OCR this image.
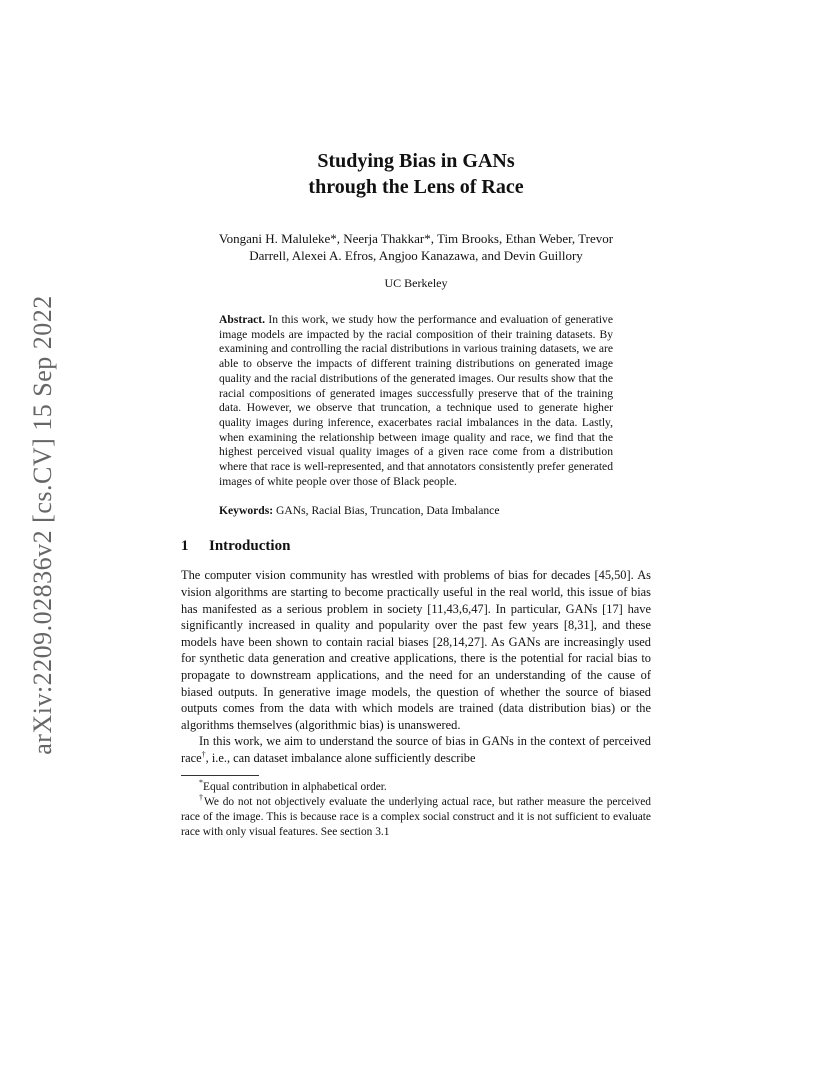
arXiv:2209.02836v2 [cs.CV] 15 Sep 2022
Studying Bias in GANs
through the Lens of Race
Vongani H. Maluleke*, Neerja Thakkar*, Tim Brooks, Ethan Weber, Trevor
Darrell, Alexei A. Efros, Angjoo Kanazawa, and Devin Guillory
UC Berkeley
Abstract. In this work, we study how the performance and evaluation of generative image models are impacted by the racial composition of their training datasets. By examining and controlling the racial distributions in various training datasets, we are able to observe the impacts of different training distributions on generated image quality and the racial distributions of the generated images. Our results show that the racial compositions of generated images successfully preserve that of the training data. However, we observe that truncation, a technique used to generate higher quality images during inference, exacerbates racial imbalances in the data. Lastly, when examining the relationship between image quality and race, we find that the highest perceived visual quality images of a given race come from a distribution where that race is well-represented, and that annotators consistently prefer generated images of white people over those of Black people.
Keywords: GANs, Racial Bias, Truncation, Data Imbalance
1 Introduction

The computer vision community has wrestled with problems of bias for decades [45,50]. As vision algorithms are starting to become practically useful in the real world, this issue of bias has manifested as a serious problem in society [11,43,6,47]. In particular, GANs [17] have significantly increased in quality and popularity over the past few years [8,31], and these models have been shown to contain racial biases [28,14,27]. As GANs are increasingly used for synthetic data generation and creative applications, there is the potential for racial bias to propagate to downstream applications, and the need for an understanding of the cause of biased outputs. In generative image models, the question of whether the source of biased outputs comes from the data with which models are trained (data distribution bias) or the algorithms themselves (algorithmic bias) is unanswered.

In this work, we aim to understand the source of bias in GANs in the context of perceived race†, i.e., can dataset imbalance alone sufficiently describe

*Equal contribution in alphabetical order.

†We do not not objectively evaluate the underlying actual race, but rather measure the perceived race of the image. This is because race is a complex social construct and it is not sufficient to evaluate race with only visual features. See section 3.1
